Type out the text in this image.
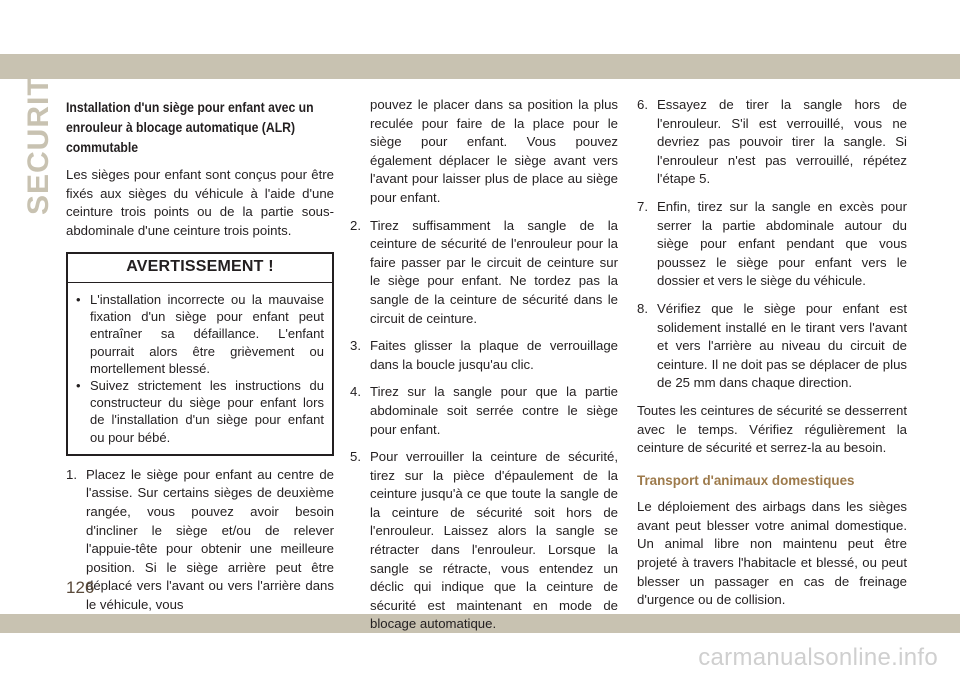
SECURITE Installation d'un siège pour enfant avec un enrouleur à blocage automatique (ALR) commutable

Les sièges pour enfant sont conçus pour être fixés aux sièges du véhicule à l'aide d'une ceinture trois points ou de la partie sous-abdominale d'une ceinture trois points.

AVERTISSEMENT !
• L'installation incorrecte ou la mauvaise fixation d'un siège pour enfant peut entraîner sa défaillance. L'enfant pourrait alors être grièvement ou mortellement blessé.
• Suivez strictement les instructions du constructeur du siège pour enfant lors de l'installation d'un siège pour enfant ou pour bébé.
1. Placez le siège pour enfant au centre de l'assise. Sur certains sièges de deuxième rangée, vous pouvez avoir besoin d'incliner le siège et/ou de relever l'appuie-tête pour obtenir une meilleure position. Si le siège arrière peut être déplacé vers l'avant ou vers l'arrière dans le véhicule, vous
pouvez le placer dans sa position la plus reculée pour faire de la place pour le siège pour enfant. Vous pouvez également déplacer le siège avant vers l'avant pour laisser plus de place au siège pour enfant.
2. Tirez suffisamment la sangle de la ceinture de sécurité de l'enrouleur pour la faire passer par le circuit de ceinture sur le siège pour enfant. Ne tordez pas la sangle de la ceinture de sécurité dans le circuit de ceinture.
3. Faites glisser la plaque de verrouillage dans la boucle jusqu'au clic.
4. Tirez sur la sangle pour que la partie abdominale soit serrée contre le siège pour enfant.
5. Pour verrouiller la ceinture de sécurité, tirez sur la pièce d'épaulement de la ceinture jusqu'à ce que toute la sangle de la ceinture de sécurité soit hors de l'enrouleur. Laissez alors la sangle se rétracter dans l'enrouleur. Lorsque la sangle se rétracte, vous entendez un déclic qui indique que la ceinture de sécurité est maintenant en mode de blocage automatique.
6. Essayez de tirer la sangle hors de l'enrouleur. S'il est verrouillé, vous ne devriez pas pouvoir tirer la sangle. Si l'enrouleur n'est pas verrouillé, répétez l'étape 5.
7. Enfin, tirez sur la sangle en excès pour serrer la partie abdominale autour du siège pour enfant pendant que vous poussez le siège pour enfant vers le dossier et vers le siège du véhicule.
8. Vérifiez que le siège pour enfant est solidement installé en le tirant vers l'avant et vers l'arrière au niveau du circuit de ceinture. Il ne doit pas se déplacer de plus de 25 mm dans chaque direction.

Toutes les ceintures de sécurité se desserrent avec le temps. Vérifiez régulièrement la ceinture de sécurité et serrez-la au besoin.

Transport d'animaux domestiques

Le déploiement des airbags dans les sièges avant peut blesser votre animal domestique. Un animal libre non maintenu peut être projeté à travers l'habitacle et blessé, ou peut blesser un passager en cas de freinage d'urgence ou de collision.

126
carmanualsonline.info
